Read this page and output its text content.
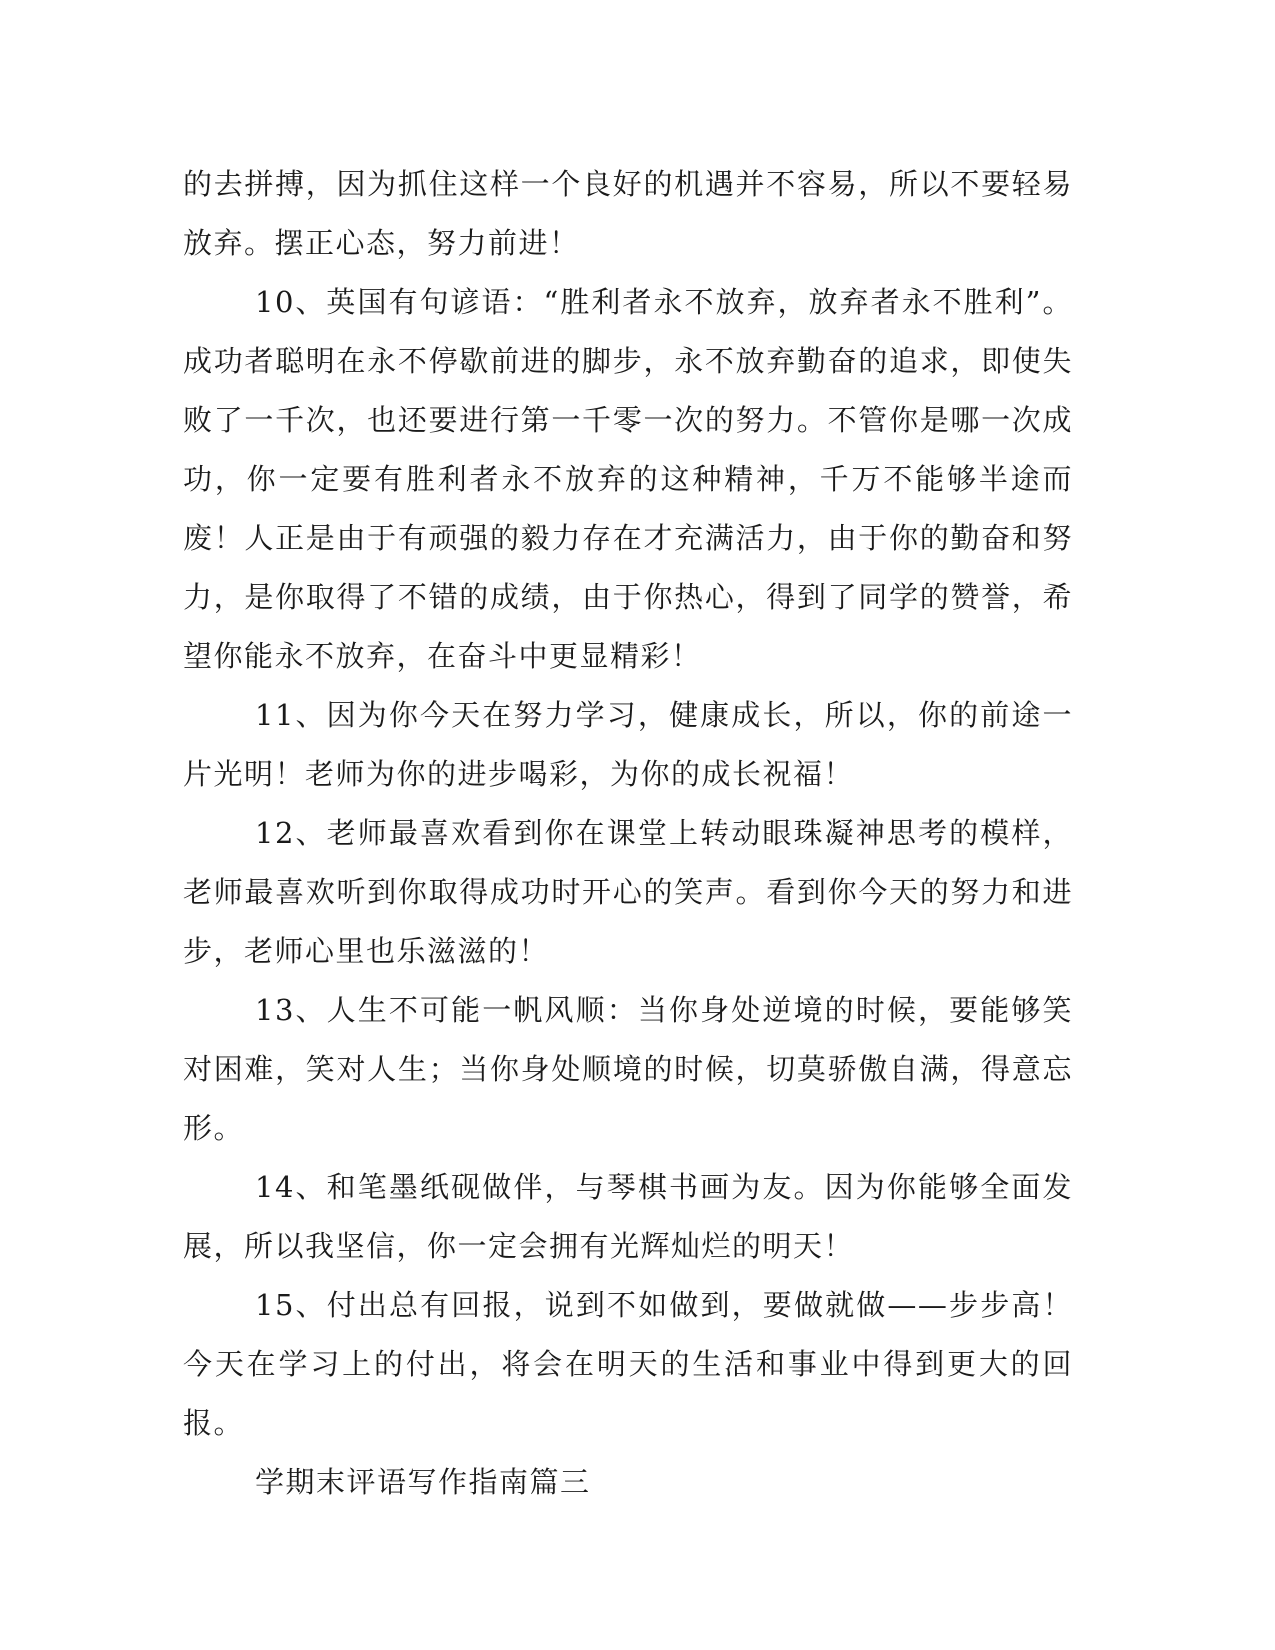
的去拼搏，因为抓住这样一个良好的机遇并不容易，所以不要轻易放弃。摆正心态，努力前进！

10、英国有句谚语：“胜利者永不放弃，放弃者永不胜利”。成功者聪明在永不停歇前进的脚步，永不放弃勤奋的追求，即使失败了一千次，也还要进行第一千零一次的努力。不管你是哪一次成功，你一定要有胜利者永不放弃的这种精神，千万不能够半途而废！人正是由于有顽强的毅力存在才充满活力，由于你的勤奋和努力，是你取得了不错的成绩，由于你热心，得到了同学的赞誉，希望你能永不放弃，在奋斗中更显精彩！

11、因为你今天在努力学习，健康成长，所以，你的前途一片光明！老师为你的进步喝彩，为你的成长祝福！

12、老师最喜欢看到你在课堂上转动眼珠凝神思考的模样，老师最喜欢听到你取得成功时开心的笑声。看到你今天的努力和进步，老师心里也乐滋滋的！

13、人生不可能一帆风顺：当你身处逆境的时候，要能够笑对困难，笑对人生；当你身处顺境的时候，切莫骄傲自满，得意忘形。

14、和笔墨纸砚做伴，与琴棋书画为友。因为你能够全面发展，所以我坚信，你一定会拥有光辉灿烂的明天！

15、付出总有回报，说到不如做到，要做就做——步步高！今天在学习上的付出，将会在明天的生活和事业中得到更大的回报。

学期末评语写作指南篇三
